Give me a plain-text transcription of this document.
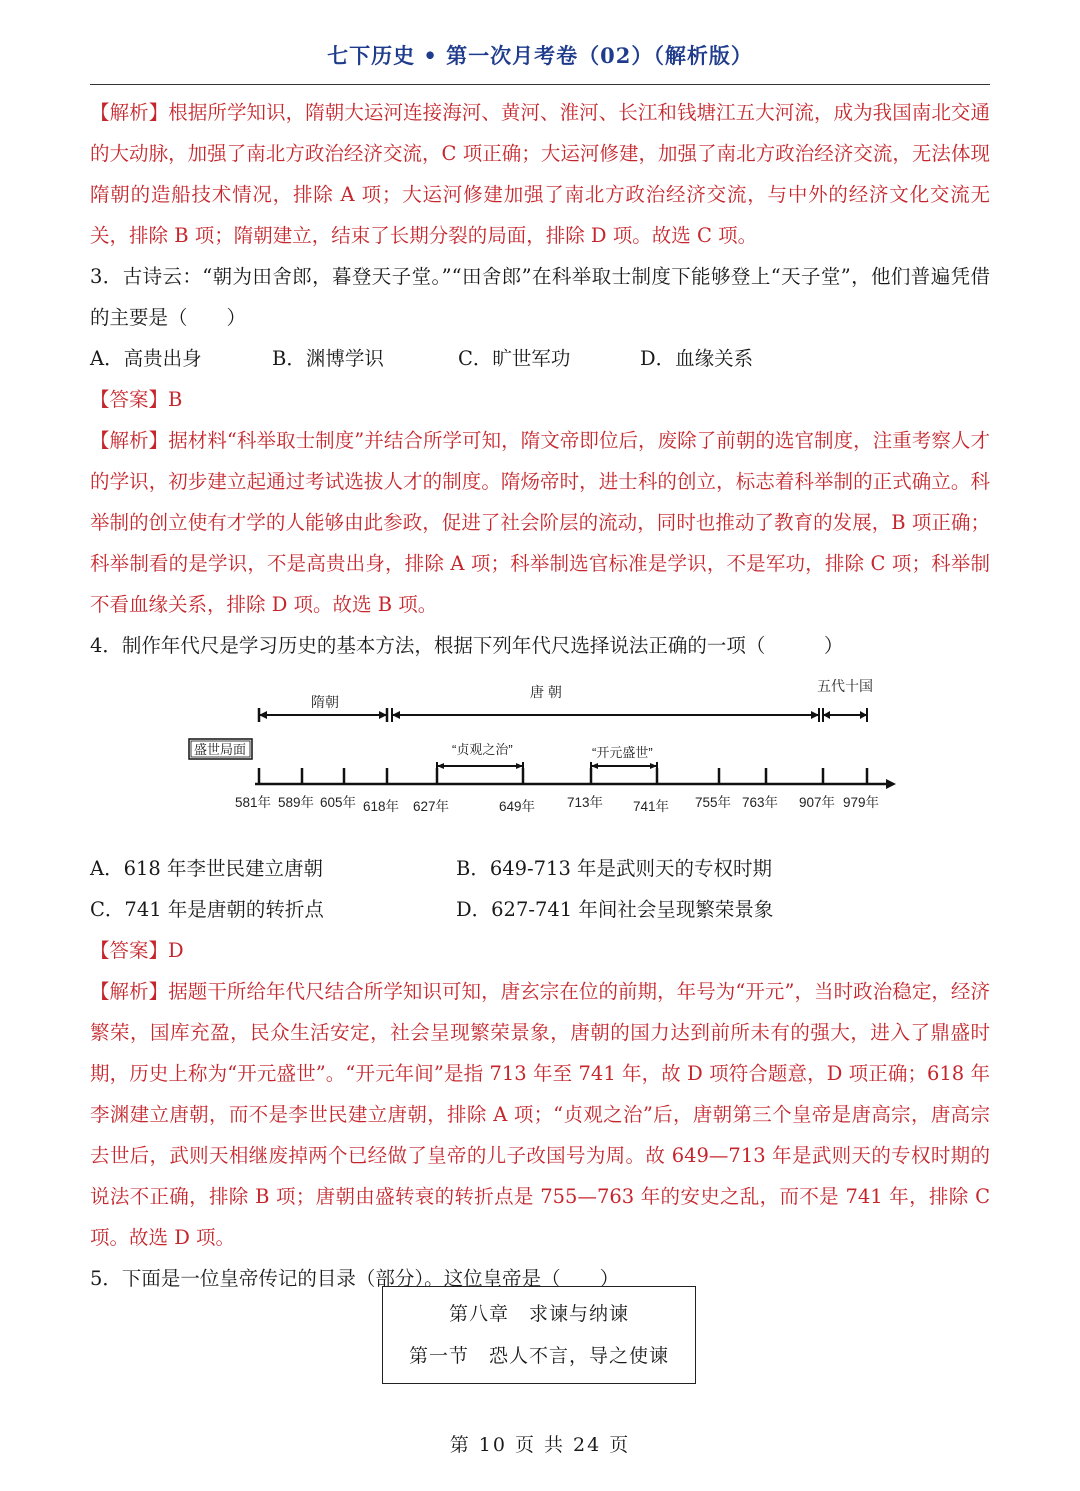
七下历史 • 第一次月考卷（02）（解析版）

【解析】根据所学知识，隋朝大运河连接海河、黄河、淮河、长江和钱塘江五大河流，成为我国南北交通的大动脉，加强了南北方政治经济交流，C 项正确；大运河修建，加强了南北方政治经济交流，无法体现隋朝的造船技术情况，排除 A 项；大运河修建加强了南北方政治经济交流，与中外的经济文化交流无关，排除 B 项；隋朝建立，结束了长期分裂的局面，排除 D 项。故选 C 项。

3．古诗云：“朝为田舍郎，暮登天子堂。”“田舍郎”在科举取士制度下能够登上“天子堂”，他们普遍凭借的主要是（　　）

A．高贵出身	B．渊博学识	C．旷世军功	D．血缘关系

【答案】B

【解析】据材料“科举取士制度”并结合所学可知，隋文帝即位后，废除了前朝的选官制度，注重考察人才的学识，初步建立起通过考试选拔人才的制度。隋炀帝时，进士科的创立，标志着科举制的正式确立。科举制的创立使有才学的人能够由此参政，促进了社会阶层的流动，同时也推动了教育的发展，B 项正确；科举制看的是学识，不是高贵出身，排除 A 项；科举制选官标准是学识，不是军功，排除 C 项；科举制不看血缘关系，排除 D 项。故选 B 项。

4．制作年代尺是学习历史的基本方法，根据下列年代尺选择说法正确的一项（　　　）

隋朝
唐 朝	五代十国
盛世局面	“贞观之治”	“开元盛世”
581年 589年 605年 618年 627年	649年 713年 741年 755年 763年 907年 979年
A．618 年李世民建立唐朝	B．649-713 年是武则天的专权时期
C．741 年是唐朝的转折点	D．627-741 年间社会呈现繁荣景象

【答案】D

【解析】据题干所给年代尺结合所学知识可知，唐玄宗在位的前期，年号为“开元”，当时政治稳定，经济繁荣，国库充盈，民众生活安定，社会呈现繁荣景象，唐朝的国力达到前所未有的强大，进入了鼎盛时期，历史上称为“开元盛世”。“开元年间”是指 713 年至 741 年，故 D 项符合题意，D 项正确；618 年李渊建立唐朝，而不是李世民建立唐朝，排除 A 项；“贞观之治”后，唐朝第三个皇帝是唐高宗，唐高宗去世后，武则天相继废掉两个已经做了皇帝的儿子改国号为周。故 649—713 年是武则天的专权时期的说法不正确，排除 B 项；唐朝由盛转衰的转折点是 755—763 年的安史之乱，而不是 741 年，排除 C 项。故选 D 项。

5．下面是一位皇帝传记的目录（部分）。这位皇帝是（　　）

第八章　求谏与纳谏
第一节　恐人不言，导之使谏
第 10 页 共 24 页
